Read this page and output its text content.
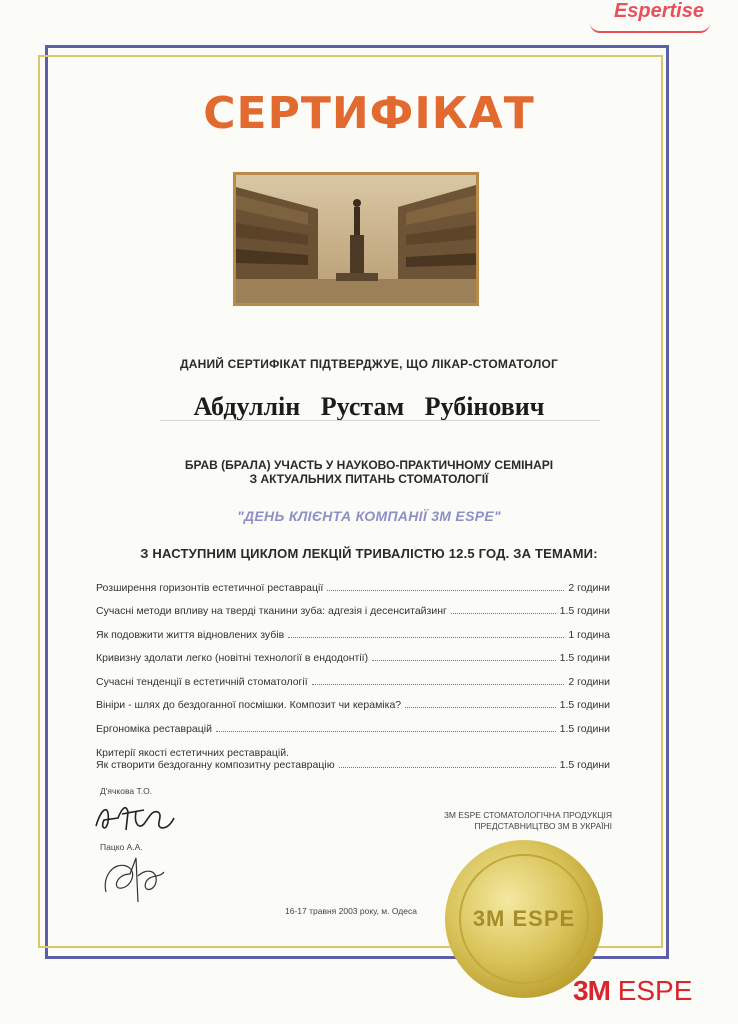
Espertise
СЕРТИФІКАТ
ДАНИЙ СЕРТИФІКАТ ПІДТВЕРДЖУЕ, ЩО ЛІКАР-СТОМАТОЛОГ
Абдуллін Рустам Рубінович
БРАВ (БРАЛА) УЧАСТЬ У НАУКОВО-ПРАКТИЧНОМУ СЕМІНАРІ
З АКТУАЛЬНИХ ПИТАНЬ СТОМАТОЛОГІЇ
"ДЕНЬ КЛІЄНТА КОМПАНІЇ 3M ESPE"
З НАСТУПНИМ ЦИКЛОМ ЛЕКЦІЙ ТРИВАЛІСТЮ 12.5 ГОД. ЗА ТЕМАМИ:
Розширення горизонтів естетичної реставрації	2 години
Сучасні методи впливу на тверді тканини зуба: адгезія і десенситайзинг	1.5 години
Як подовжити життя відновлених зубів	1 година
Кривизну здолати легко (новітні технології в ендодонтії)	1.5 години
Сучасні тенденції в естетичній стоматології	2 години
Вініри - шлях до бездоганної посмішки. Композит чи кераміка?	1.5 години
Ергономіка реставрацій	1.5 години
Критерії якості естетичних реставрацій.
Як створити бездоганну композитну реставрацію	1.5 години
Д'ячкова Т.О.
Пацко А.А.
3M ESPE СТОМАТОЛОГІЧНА ПРОДУКЦІЯ
ПРЕДСТАВНИЦТВО 3M В УКРАЇНІ
16-17 травня 2003 року, м. Одеса	3M ESPE
3M ESPE
